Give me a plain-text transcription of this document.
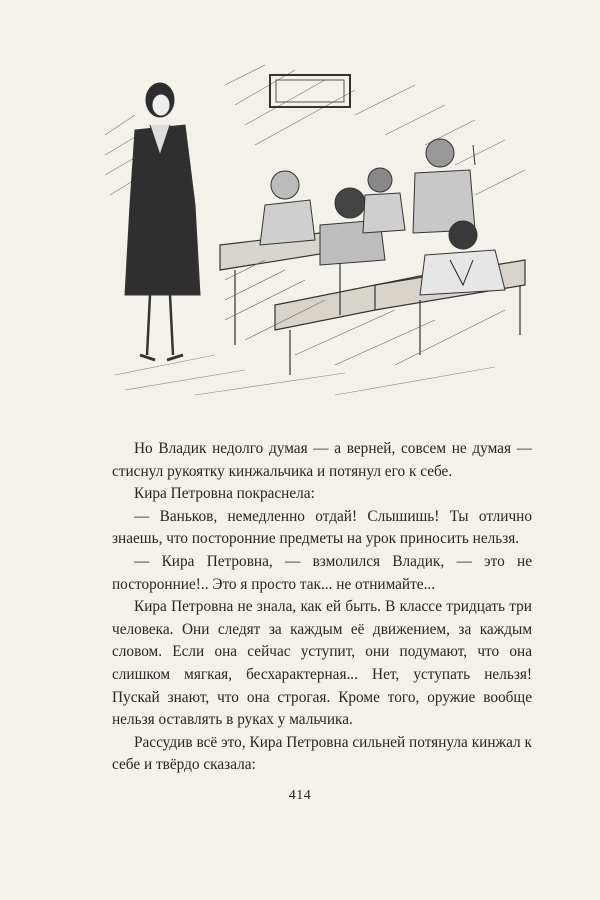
Но Владик недолго думая — а верней, совсем не думая — стиснул рукоятку кинжальчика и потянул его к себе.

Кира Петровна покраснела:

— Ваньков, немедленно отдай! Слышишь! Ты отлично знаешь, что посторонние предметы на урок приносить нельзя.

— Кира Петровна, — взмолился Владик, — это не посторонние!.. Это я просто так... не отнимайте...

Кира Петровна не знала, как ей быть. В классе тридцать три человека. Они следят за каждым её движением, за каждым словом. Если она сейчас уступит, они подумают, что она слишком мягкая, бесхарактерная... Нет, уступать нельзя! Пускай знают, что она строгая. Кроме того, оружие вообще нельзя оставлять в руках у мальчика.

Рассудив всё это, Кира Петровна сильней потянула кинжал к себе и твёрдо сказала:

414
